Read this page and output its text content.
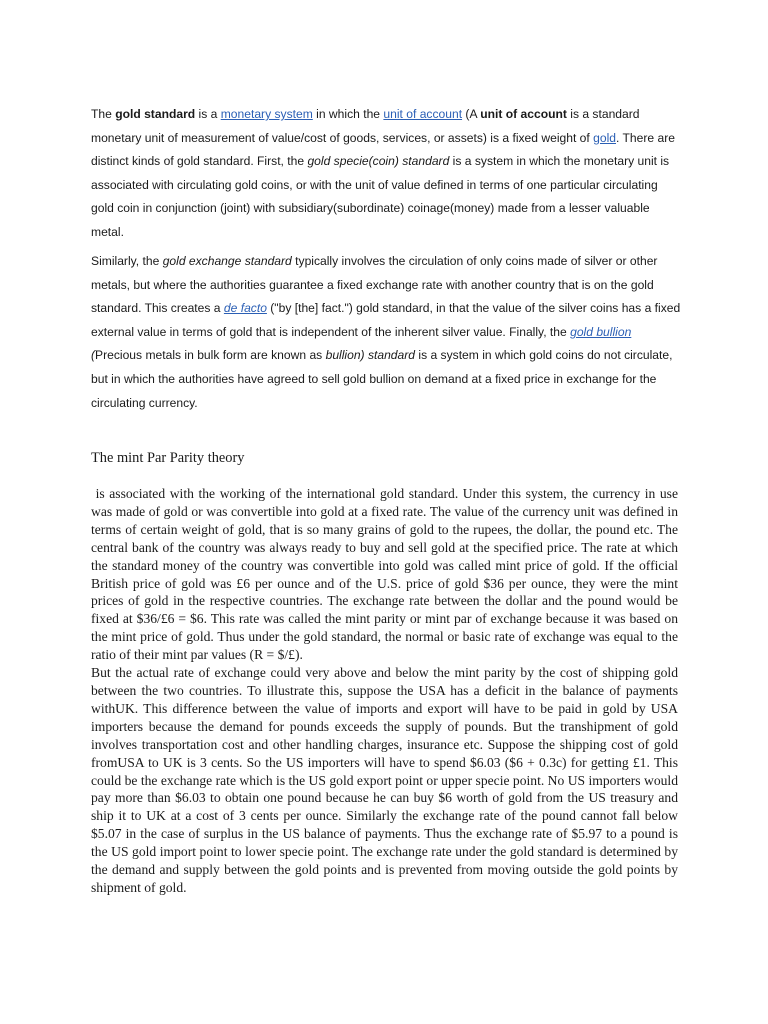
The gold standard is a monetary system in which the unit of account (A unit of account is a standard monetary unit of measurement of value/cost of goods, services, or assets) is a fixed weight of gold. There are distinct kinds of gold standard. First, the gold specie(coin) standard is a system in which the monetary unit is associated with circulating gold coins, or with the unit of value defined in terms of one particular circulating gold coin in conjunction (joint) with subsidiary(subordinate) coinage(money) made from a lesser valuable metal.

Similarly, the gold exchange standard typically involves the circulation of only coins made of silver or other metals, but where the authorities guarantee a fixed exchange rate with another country that is on the gold standard. This creates a de facto ("by [the] fact.") gold standard, in that the value of the silver coins has a fixed external value in terms of gold that is independent of the inherent silver value. Finally, the gold bullion (Precious metals in bulk form are known as bullion) standard is a system in which gold coins do not circulate, but in which the authorities have agreed to sell gold bullion on demand at a fixed price in exchange for the circulating currency.

The mint Par Parity theory

is associated with the working of the international gold standard. Under this system, the currency in use was made of gold or was convertible into gold at a fixed rate. The value of the currency unit was defined in terms of certain weight of gold, that is so many grains of gold to the rupees, the dollar, the pound etc. The central bank of the country was always ready to buy and sell gold at the specified price. The rate at which the standard money of the country was convertible into gold was called mint price of gold. If the official British price of gold was £6 per ounce and of the U.S. price of gold $36 per ounce, they were the mint prices of gold in the respective countries. The exchange rate between the dollar and the pound would be fixed at $36/£6 = $6. This rate was called the mint parity or mint par of exchange because it was based on the mint price of gold. Thus under the gold standard, the normal or basic rate of exchange was equal to the ratio of their mint par values (R = $/£).

But the actual rate of exchange could very above and below the mint parity by the cost of shipping gold between the two countries. To illustrate this, suppose the USA has a deficit in the balance of payments withUK. This difference between the value of imports and export will have to be paid in gold by USA importers because the demand for pounds exceeds the supply of pounds. But the transhipment of gold involves transportation cost and other handling charges, insurance etc. Suppose the shipping cost of gold fromUSA to UK is 3 cents. So the US importers will have to spend $6.03 ($6 + 0.3c) for getting £1. This could be the exchange rate which is the US gold export point or upper specie point. No US importers would pay more than $6.03 to obtain one pound because he can buy $6 worth of gold from the US treasury and ship it to UK at a cost of 3 cents per ounce. Similarly the exchange rate of the pound cannot fall below $5.07 in the case of surplus in the US balance of payments. Thus the exchange rate of $5.97 to a pound is the US gold import point to lower specie point. The exchange rate under the gold standard is determined by the demand and supply between the gold points and is prevented from moving outside the gold points by shipment of gold.
